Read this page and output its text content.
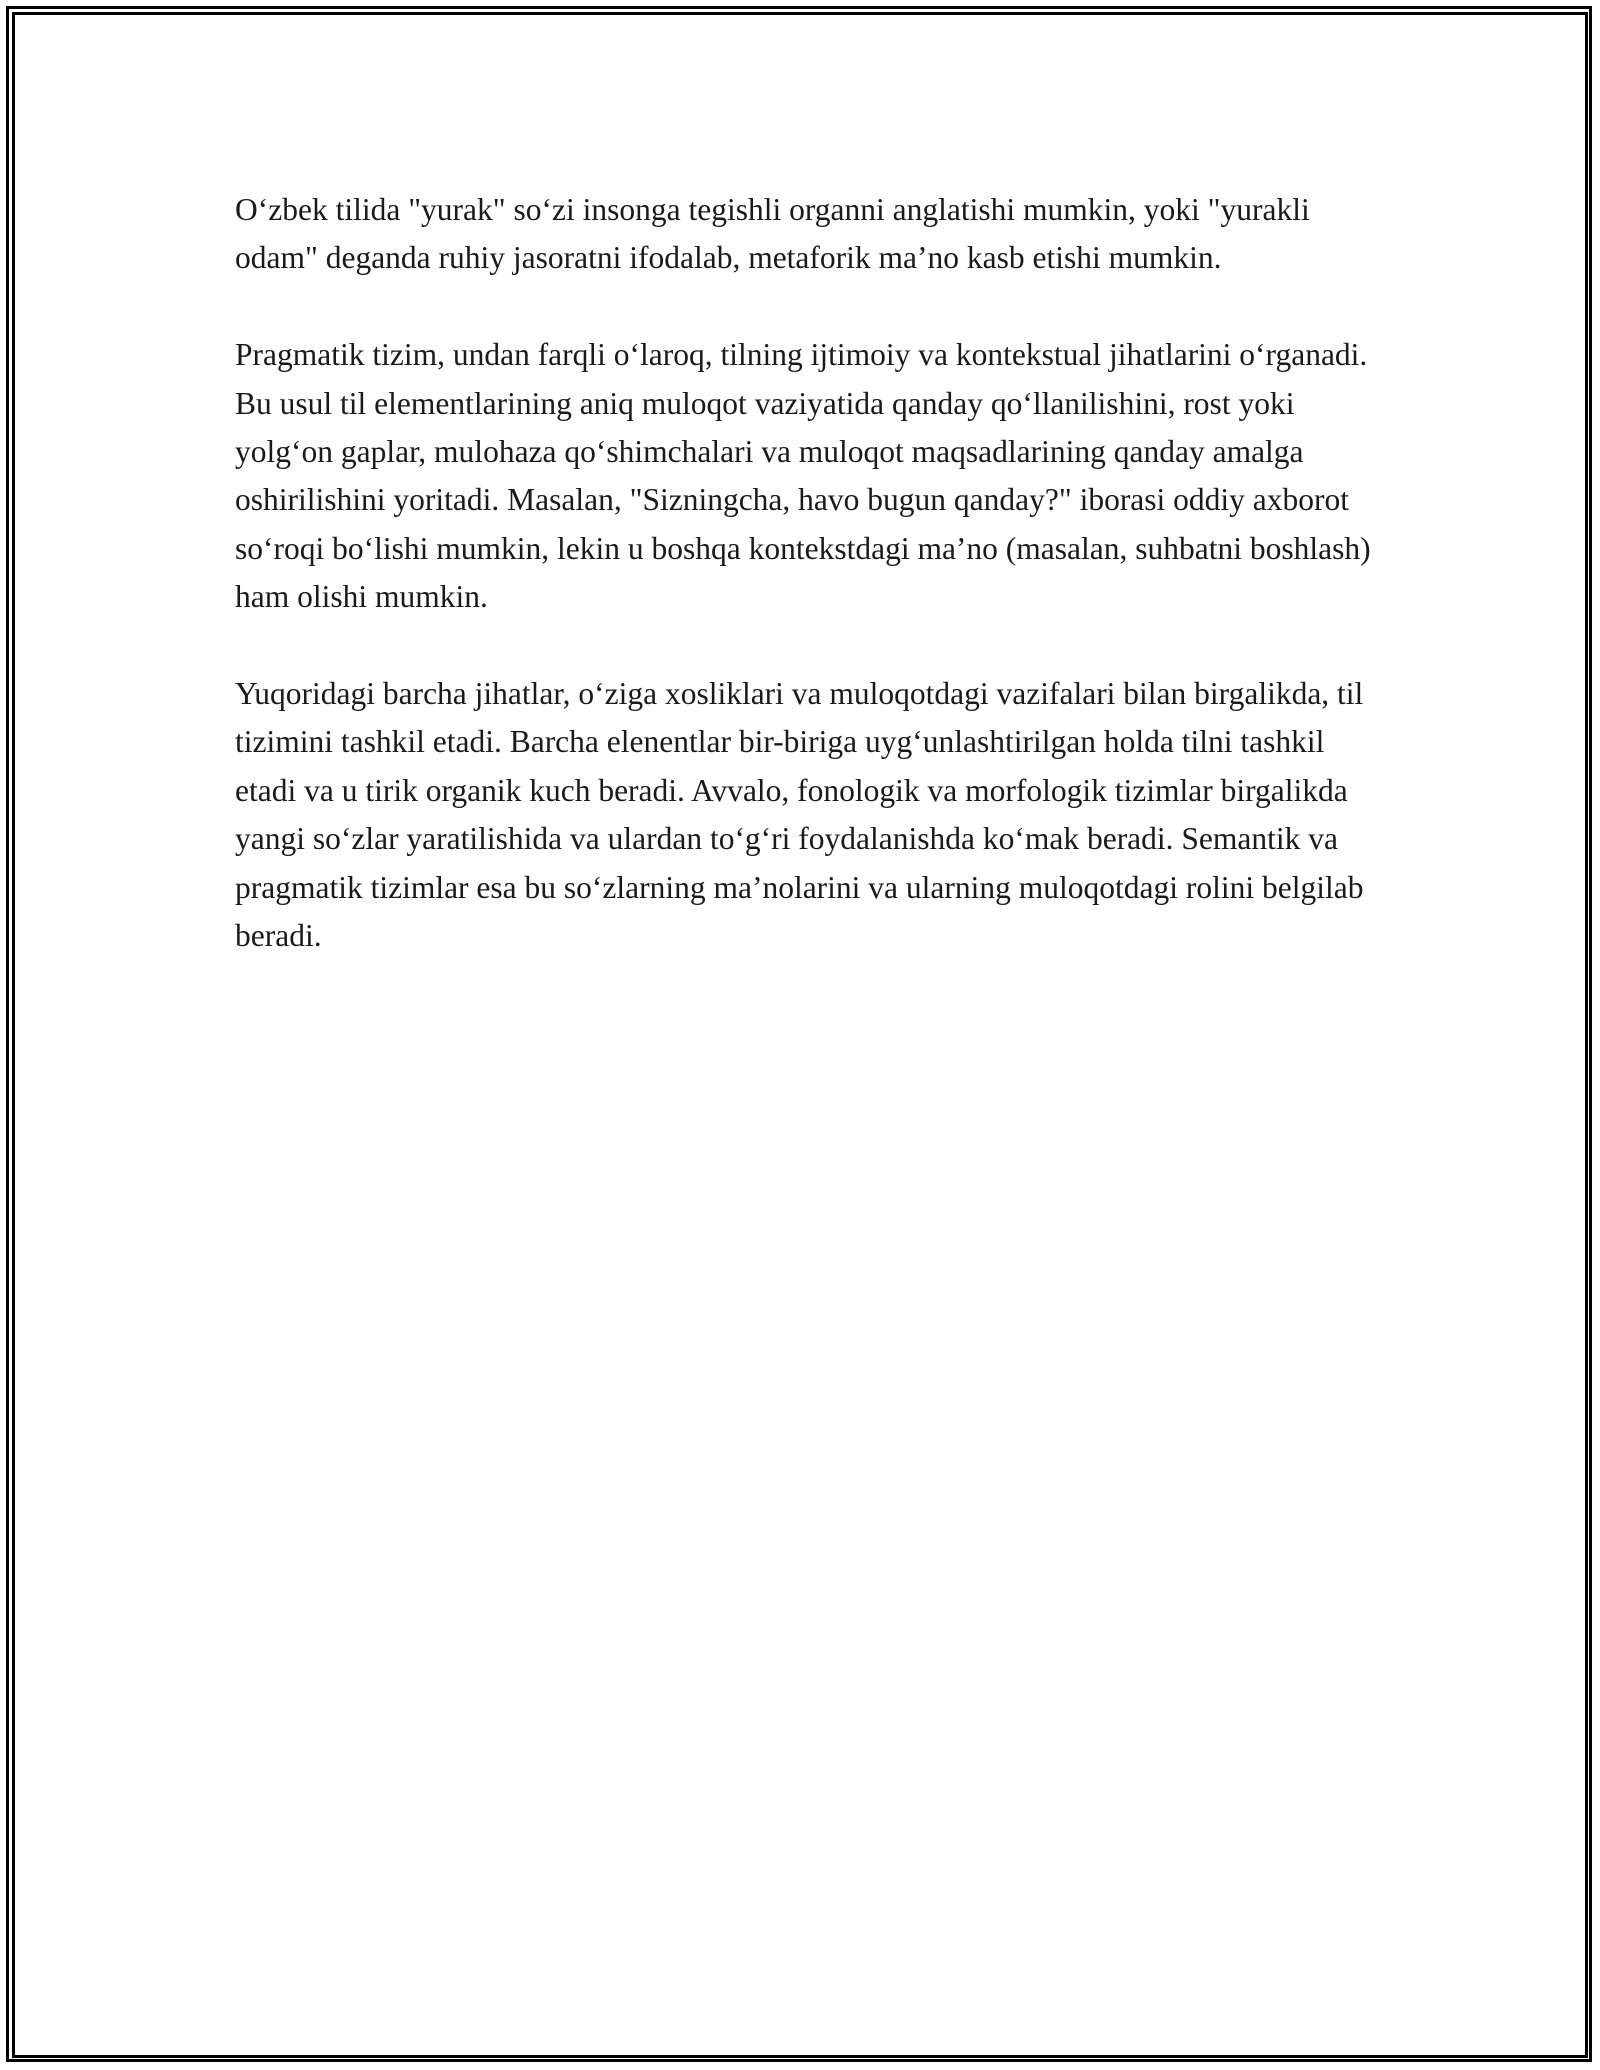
O‘zbek tilida "yurak" so‘zi insonga tegishli organni anglatishi mumkin, yoki "yurakli odam" deganda ruhiy jasoratni ifodalab, metaforik ma’no kasb etishi mumkin.

Pragmatik tizim, undan farqli o‘laroq, tilning ijtimoiy va kontekstual jihatlarini o‘rganadi. Bu usul til elementlarining aniq muloqot vaziyatida qanday qo‘llanilishini, rost yoki yolg‘on gaplar, mulohaza qo‘shimchalari va muloqot maqsadlarining qanday amalga oshirilishini yoritadi. Masalan, "Sizningcha, havo bugun qanday?" iborasi oddiy axborot so‘roqi bo‘lishi mumkin, lekin u boshqa kontekstdagi ma’no (masalan, suhbatni boshlash) ham olishi mumkin.

Yuqoridagi barcha jihatlar, o‘ziga xosliklari va muloqotdagi vazifalari bilan birgalikda, til tizimini tashkil etadi. Barcha elenentlar bir-biriga uyg‘unlashtirilgan holda tilni tashkil etadi va u tirik organik kuch beradi. Avvalo, fonologik va morfologik tizimlar birgalikda yangi so‘zlar yaratilishida va ulardan to‘g‘ri foydalanishda ko‘mak beradi. Semantik va pragmatik tizimlar esa bu so‘zlarning ma’nolarini va ularning muloqotdagi rolini belgilab beradi.
